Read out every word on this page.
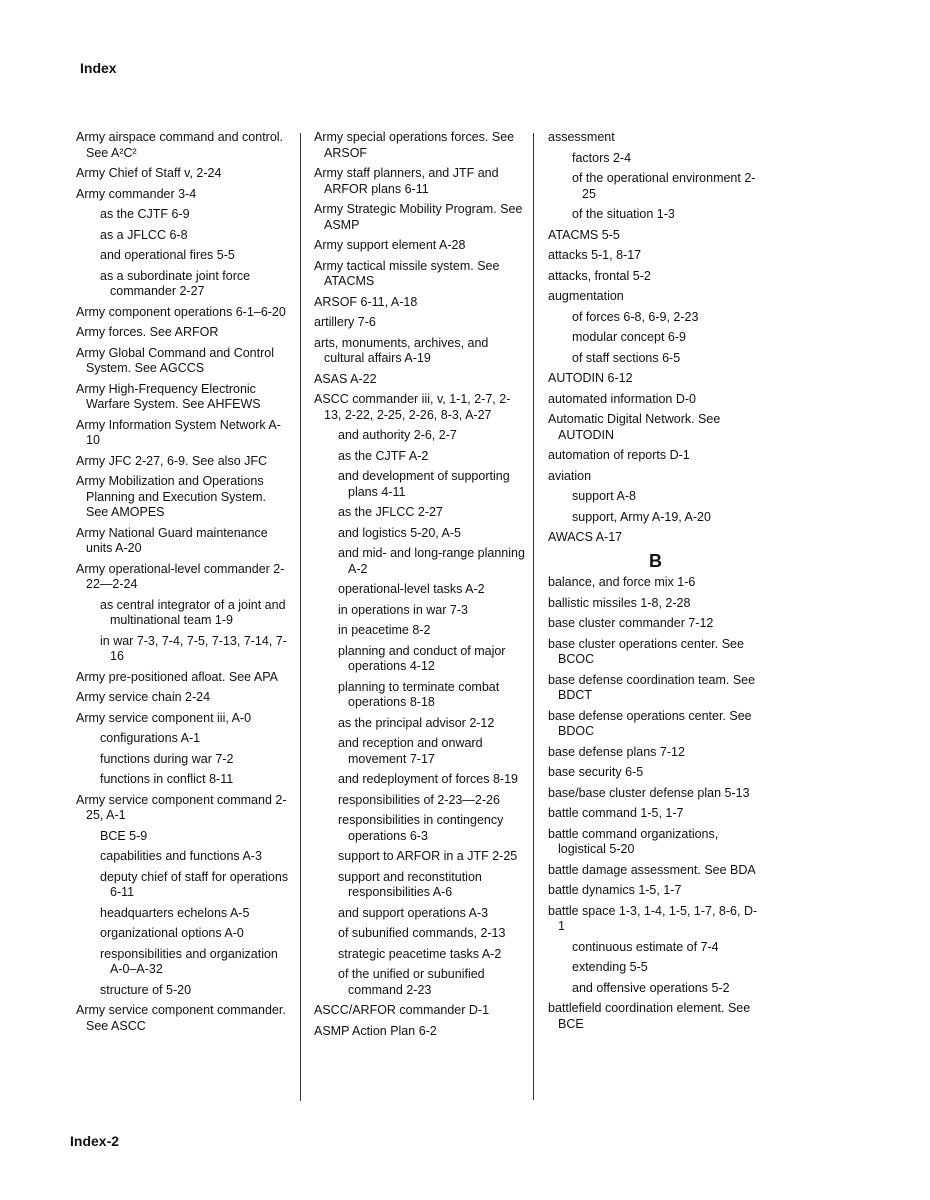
Index
Army airspace command and control. See A²C²
Army Chief of Staff v, 2-24
Army commander 3-4
as the CJTF 6-9
as a JFLCC 6-8
and operational fires 5-5
as a subordinate joint force commander 2-27
Army component operations 6-1–6-20
Army forces. See ARFOR
Army Global Command and Control System. See AGCCS
Army High-Frequency Electronic Warfare System. See AHFEWS
Army Information System Network A-10
Army JFC 2-27, 6-9. See also JFC
Army Mobilization and Operations Planning and Execution System. See AMOPES
Army National Guard maintenance units A-20
Army operational-level commander 2-22—2-24
as central integrator of a joint and multinational team 1-9
in war 7-3, 7-4, 7-5, 7-13, 7-14, 7-16
Army pre-positioned afloat. See APA
Army service chain 2-24
Army service component iii, A-0
configurations A-1
functions during war 7-2
functions in conflict 8-11
Army service component command 2-25, A-1
BCE 5-9
capabilities and functions A-3
deputy chief of staff for operations 6-11
headquarters echelons A-5
organizational options A-0
responsibilities and organization A-0–A-32
structure of 5-20
Army service component commander. See ASCC
Army special operations forces. See ARSOF
Army staff planners, and JTF and ARFOR plans 6-11
Army Strategic Mobility Program. See ASMP
Army support element A-28
Army tactical missile system. See ATACMS
ARSOF 6-11, A-18
artillery 7-6
arts, monuments, archives, and cultural affairs A-19
ASAS A-22
ASCC commander iii, v, 1-1, 2-7, 2-13, 2-22, 2-25, 2-26, 8-3, A-27
and authority 2-6, 2-7
as the CJTF A-2
and development of supporting plans 4-11
as the JFLCC 2-27
and logistics 5-20, A-5
and mid- and long-range planning A-2
operational-level tasks A-2
in operations in war 7-3
in peacetime 8-2
planning and conduct of major operations 4-12
planning to terminate combat operations 8-18
as the principal advisor 2-12
and reception and onward movement 7-17
and redeployment of forces 8-19
responsibilities of 2-23—2-26
responsibilities in contingency operations 6-3
support to ARFOR in a JTF 2-25
support and reconstitution responsibilities A-6
and support operations A-3
of subunified commands, 2-13
strategic peacetime tasks A-2
of the unified or subunified command 2-23
ASCC/ARFOR commander D-1
ASMP Action Plan 6-2
assessment
factors 2-4
of the operational environment 2-25
of the situation 1-3
ATACMS 5-5
attacks 5-1, 8-17
attacks, frontal 5-2
augmentation
of forces 6-8, 6-9, 2-23
modular concept 6-9
of staff sections 6-5
AUTODIN 6-12
automated information D-0
Automatic Digital Network. See AUTODIN
automation of reports D-1
aviation
support A-8
support, Army A-19, A-20
AWACS A-17
B
balance, and force mix 1-6
ballistic missiles 1-8, 2-28
base cluster commander 7-12
base cluster operations center. See BCOC
base defense coordination team. See BDCT
base defense operations center. See BDOC
base defense plans 7-12
base security 6-5
base/base cluster defense plan 5-13
battle command 1-5, 1-7
battle command organizations, logistical 5-20
battle damage assessment. See BDA
battle dynamics 1-5, 1-7
battle space 1-3, 1-4, 1-5, 1-7, 8-6, D-1
continuous estimate of 7-4
extending 5-5
and offensive operations 5-2
battlefield coordination element. See BCE
Index-2
